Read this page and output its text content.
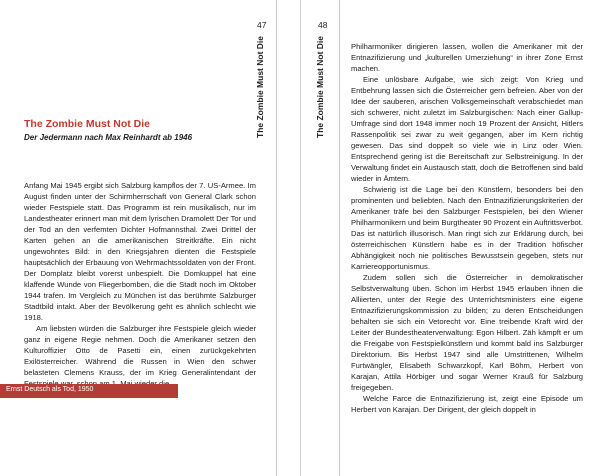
47
The Zombie Must Not Die
The Zombie Must Not Die
Der Jedermann nach Max Reinhardt ab 1946

Anfang Mai 1945 ergibt sich Salzburg kampflos der 7. US-Armee. Im August finden unter der Schirmherrschaft von General Clark schon wieder Festspiele statt. Das Programm ist rein musikalisch, nur im Landestheater erinnert man mit dem lyrischen Dramolett Der Tor und der Tod an den verfemten Dichter Hofmannsthal. Zwei Drittel der Karten gehen an die amerikanischen Streitkräfte. Ein nicht ungewohntes Bild: in den Kriegsjahren dienten die Festspiele hauptsächlich der Erbauung von Wehrmachtssoldaten von der Front. Der Domplatz bleibt vorerst unbespielt. Die Domkuppel hat eine klaffende Wunde von Fliegerbomben, die die Stadt noch im Oktober 1944 trafen. Im Vergleich zu München ist das berühmte Salzburger Stadtbild intakt. Aber der Bevölkerung geht es ähnlich schlecht wie 1918.

Am liebsten würden die Salzburger ihre Festspiele gleich wieder ganz in eigene Regie nehmen. Doch die Amerikaner setzen den Kulturoffizier Otto de Pasetti ein, einen zurückgekehrten Exilösterreicher. Während die Russen in Wien den schwer belasteten Clemens Krauss, der im Krieg Generalintendant der

Ernst Deutsch als Tod, 1950
48
The Zombie Must Not Die	Philharmoniker dirigieren lassen, wollen die Amerikaner mit der Entnazifizierung und „kulturellen Umerziehung“ in ihrer Zone Ernst machen.

Eine unlösbare Aufgabe, wie sich zeigt: Von Krieg und Entbehrung lassen sich die Österreicher gern befreien. Aber von der Idee der sauberen, arischen Volksgemeinschaft verabschiedet man sich schwerer, nicht zuletzt im Salzburgischen: Nach einer Gallup-Umfrage sind dort 1948 immer noch 19 Prozent der Ansicht, Hitlers Rassenpolitik sei zwar zu weit gegangen, aber im Kern richtig gewesen. Das sind doppelt so viele wie in Linz oder Wien. Entsprechend gering ist die Bereitschaft zur Selbstreinigung. In der Verwaltung findet ein Austausch statt, doch die Betroffenen sind bald wieder in Ämtern.

Schwierig ist die Lage bei den Künstlern, besonders bei den prominenten und beliebten. Nach den Entnazifizierungskriterien der Amerikaner träfe bei den Salzburger Festspielen, bei den Wiener Philharmonikern und beim Burgtheater 90 Prozent ein Auftrittsverbot. Das ist natürlich illusorisch. Man ringt sich zur Erklärung durch, bei österreichischen Künstlern habe es in der Tradition höfischer Abhängigkeit noch nie politisches Bewusstsein gegeben, stets nur Karriereopportunismus.

Zudem sollen sich die Österreicher in demokratischer Selbstverwaltung üben. Schon im Herbst 1945 erlauben ihnen die Alliierten, unter der Regie des Unterrichtsministers eine eigene Entnazifizierungskommission zu bilden; zu deren Entscheidungen behalten sie sich ein Vetorecht vor. Eine treibende Kraft wird der Leiter der Bundestheaterverwaltung: Egon Hilbert. Zäh kämpft er um die Freigabe von Festspielkünstlern und kommt bald ins Salzburger Direktorium. Bis Herbst 1947 sind alle Umstrittenen, Wilhelm Furtwängler, Elisabeth Schwarzkopf, Karl Böhm, Herbert von Karajan, Attila Hörbiger und sogar Werner Krauß für Salzburg freigegeben.

Welche Farce die Entnazifizierung ist, zeigt eine Episode um Herbert von Karajan. Der Dirigent, der gleich doppelt in
